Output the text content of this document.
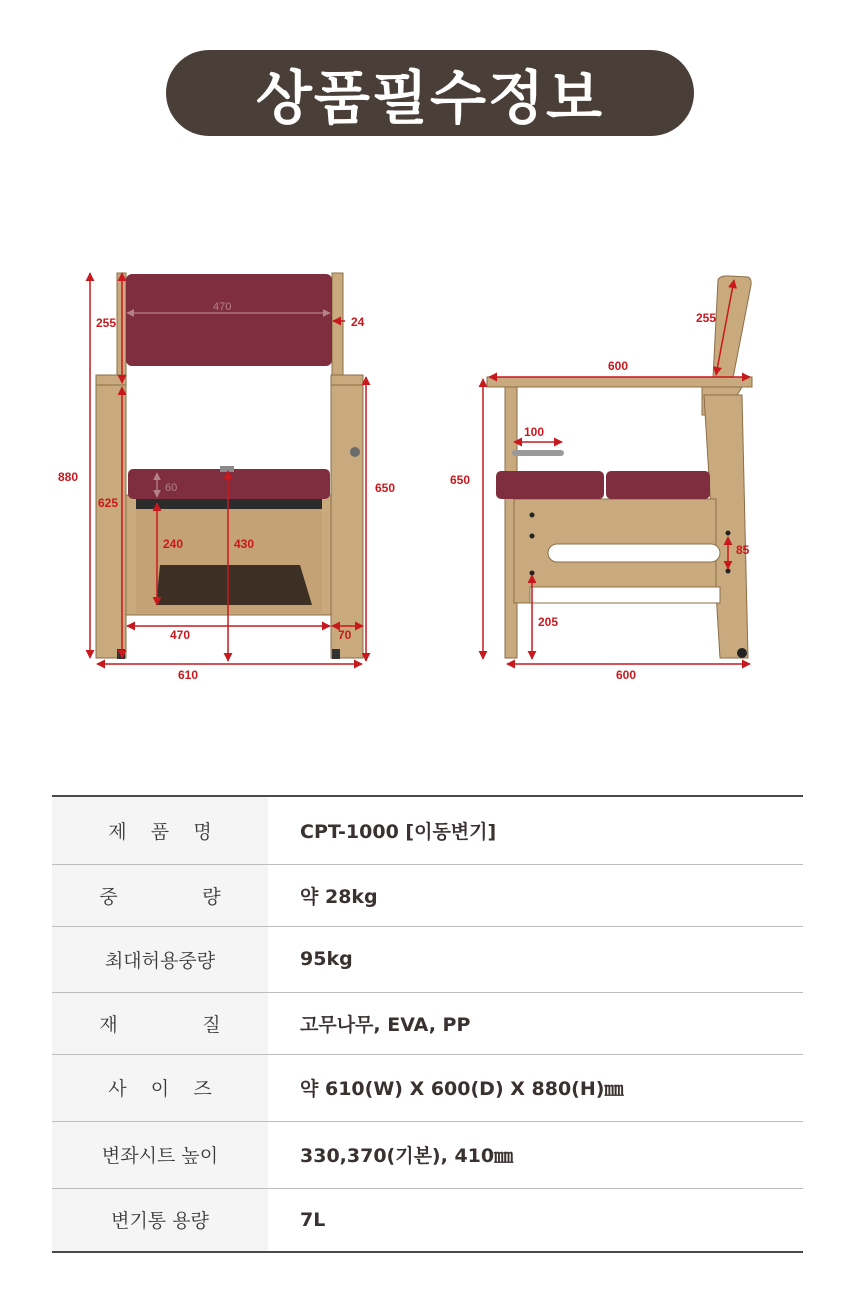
상품필수정보
470
255	24
880
650
625
60
240	430
470	70
610
255
600
100
650
85
205
600
제    품    명	CPT-1000 [이동변기]
중              량	약 28kg
최대허용중량	95kg
재              질	고무나무, EVA, PP
사    이    즈	약 610(W) X 600(D) X 880(H)㎜
변좌시트 높이	330,370(기본), 410㎜
변기통 용량	7L
